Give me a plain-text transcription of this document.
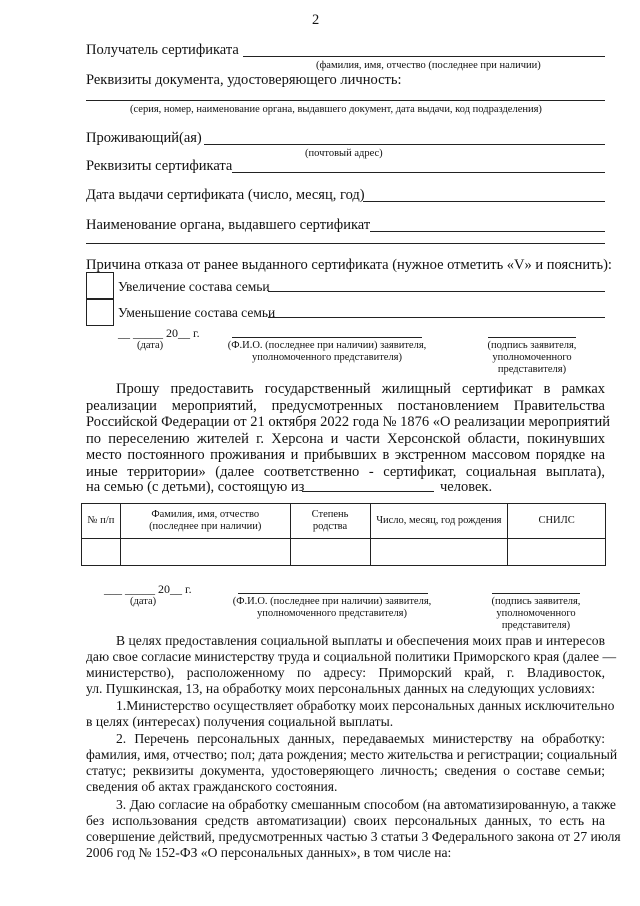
2
Получатель сертификата
(фамилия, имя, отчество (последнее при наличии)
Реквизиты документа, удостоверяющего личность:
(серия, номер, наименование органа, выдавшего документ, дата выдачи, код подразделения)
Проживающий(ая)
(почтовый адрес)
Реквизиты сертификата
Дата выдачи сертификата (число, месяц, год)
Наименование органа, выдавшего сертификат
Причина отказа от ранее выданного сертификата (нужное отметить «V» и пояснить):
Увеличение состава семьи
Уменьшение состава семьи
__ _____ 20__ г.
(дата)	(Ф.И.О. (последнее при наличии) заявителя,
уполномоченного представителя)
(подпись заявителя,
уполномоченного
представителя)
Прошу предоставить государственный жилищный сертификат в рамках
реализации мероприятий, предусмотренных постановлением Правительства
Российской Федерации от 21 октября 2022 года № 1876 «О реализации мероприятий
по переселению жителей г. Херсона и части Херсонской области, покинувших
место постоянного проживания и прибывших в экстренном массовом порядке на
иные территории» (далее соответственно - сертификат, социальная выплата),
на семью (с детьми), состоящую из	человек.
№ п/п	Фамилия, имя, отчество (последнее при наличии)	Степень родства	Число, месяц, год рождения	СНИЛС

___ _____ 20__ г.
(дата)	(Ф.И.О. (последнее при наличии) заявителя,
уполномоченного представителя)
(подпись заявителя,
уполномоченного
представителя)
В целях предоставления социальной выплаты и обеспечения моих прав и интересов
даю свое согласие министерству труда и социальной политики Приморского края (далее —
министерство), расположенному по адресу: Приморский край, г. Владивосток,
ул. Пушкинская, 13, на обработку моих персональных данных на следующих условиях:
1.Министерство осуществляет обработку моих персональных данных исключительно
в целях (интересах) получения социальной выплаты.
2. Перечень персональных данных, передаваемых министерству на обработку:
фамилия, имя, отчество; пол; дата рождения; место жительства и регистрации; социальный
статус; реквизиты документа, удостоверяющего личность; сведения о составе семьи;
сведения об актах гражданского состояния.
3. Даю согласие на обработку смешанным способом (на автоматизированную, а также
без использования средств автоматизации) своих персональных данных, то есть на
совершение действий, предусмотренных частью 3 статьи 3 Федерального закона от 27 июля
2006 год № 152-ФЗ «О персональных данных», в том числе на:
